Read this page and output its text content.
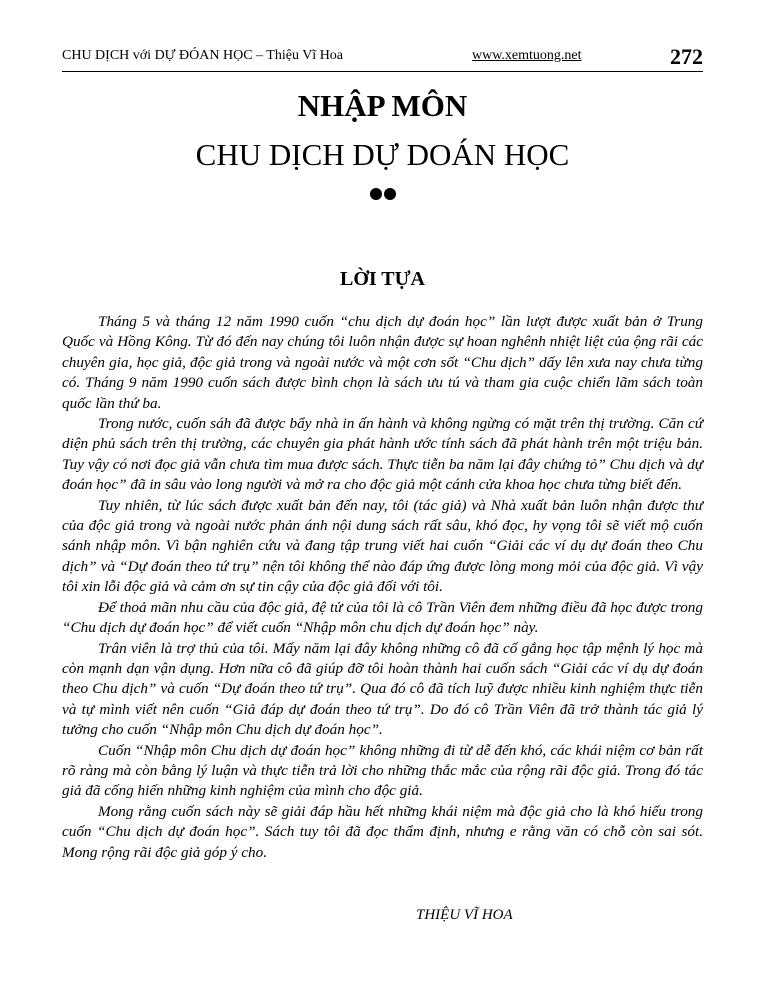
CHU DỊCH với DỰ ĐÓAN HỌC – Thiệu Vĩ Hoa	www.xemtuong.net	272
NHẬP MÔN
CHU DỊCH DỰ DOÁN HỌC
LỜI TỰA

Tháng 5 và tháng 12 năm 1990 cuốn “chu dịch dự đoán học” lần lượt được xuất bản ở Trung Quốc và Hồng Kông. Từ đó đến nay chúng tôi luôn nhận được sự hoan nghênh nhiệt liệt của ộng rãi các chuyên gia, học giả, độc giả trong và ngoài nước và một cơn sốt “Chu dịch” dấy lên xưa nay chưa từng có. Tháng 9 năm 1990 cuốn sách được bình chọn là sách ưu tú và tham gia cuộc chiển lãm sách toàn quốc lần thứ ba.

Trong nước, cuốn sáh đã được bẩy nhà in ấn hành và không ngừng có mặt trên thị trường. Căn cứ diện phủ sách trên thị trường, các chuyên gia phát hành ước tính sách đã phát hành trên một triệu bản. Tuy vậy có nơi đọc giả vẫn chưa tìm mua được sách. Thực tiễn ba năm lại đây chứng tỏ” Chu dịch và dự đoán học” đã in sâu vào long người và mở ra cho độc giả một cánh cửa khoa học chưa từng biết đến.

Tuy nhiên, từ lúc sách được xuất bản đến nay, tôi (tác giả) và Nhà xuất bản luôn nhận được thư của độc giả trong và ngoài nước phản ánh nội dung sách rất sâu, khó đọc, hy vọng tôi sẽ viết mộ cuốn sánh nhập môn. Vì bận nghiên cứu và đang tập trung viết hai cuốn “Giải các ví dụ dự đoán theo Chu dịch” và “Dự đoán theo tứ trụ” nện tôi không thể nào đáp ứng được lòng mong mỏi của độc giả. Vì vậy tôi xin lỗi độc giả và cảm ơn sự tin cậy của độc giả đối với tôi.

Để thoả mãn nhu cầu của độc giả, đệ tử của tôi là cô Trần Viên đem những điều đã học được trong “Chu dịch dự đoán học” để viết cuốn “Nhập môn chu dịch dự đoán học” này.

Trân viên là trợ thủ của tôi. Mấy năm lại đây không những cô đã cố gắng học tập mệnh lý học mà còn mạnh dạn vận dụng. Hơn nữa cô đã giúp đỡ tôi hoàn thành hai cuốn sách “Giải các ví dụ dự đoán theo Chu dịch” và cuốn “Dự đoán theo tứ trụ”. Qua đó cô đã tích luỹ được nhiều kinh nghiệm thực tiễn và tự mình viết nên cuốn “Giả đáp dự đoán theo tứ trụ”. Do đó cô Trần Viên đã trở thành tác giả lý tưởng cho cuốn “Nhập môn Chu dịch dự đoán học”.

Cuốn “Nhập môn Chu dịch dự đoán học” không những đi từ dễ đến khó, các khái niệm cơ bản rất rõ ràng mà còn bằng lý luận và thực tiễn trả lời cho những thắc mắc của rộng rãi độc giả. Trong đó tác giả đã cống hiến những kinh nghiệm của mình cho độc giả.

Mong rằng cuốn sách này sẽ giải đáp hầu hết những khái niệm mà độc giả cho là khó hiểu trong cuốn “Chu dịch dự đoán học”. Sách tuy tôi đã đọc thẩm định, nhưng e rằng văn có chỗ còn sai sót. Mong rộng rãi độc giả góp ý cho.

THIỆU VĨ HOA
